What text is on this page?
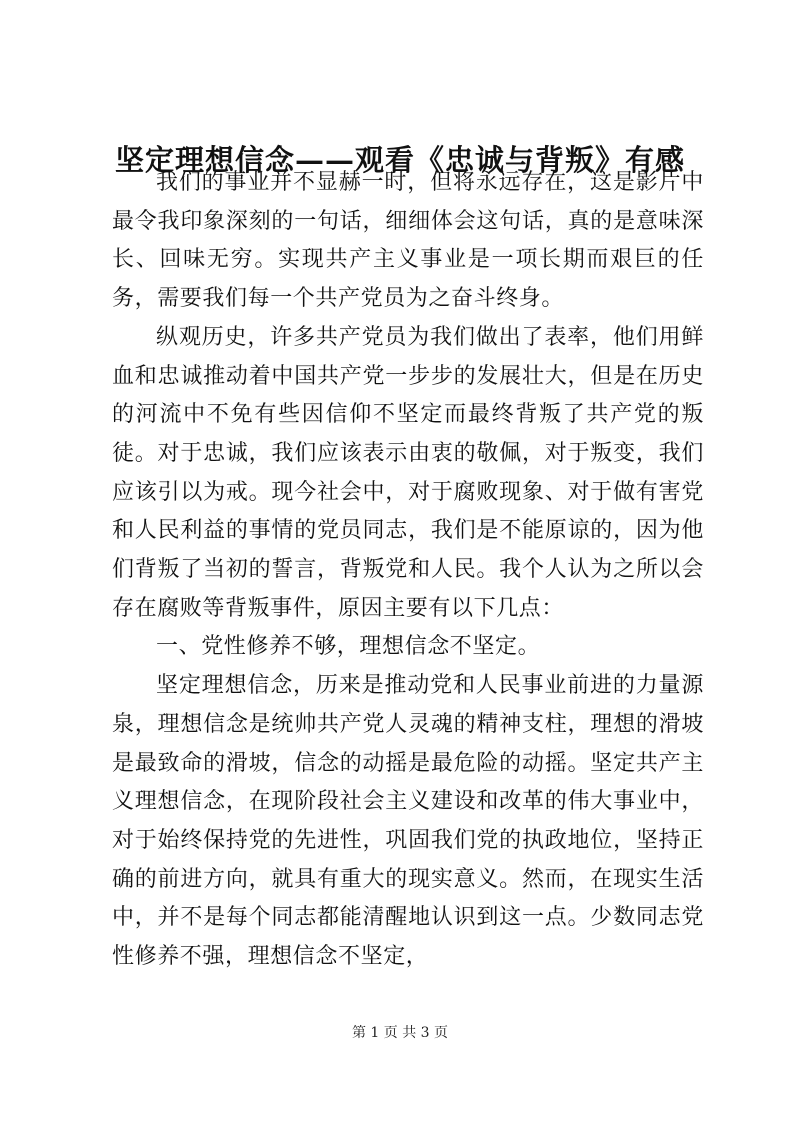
坚定理想信念——观看《忠诚与背叛》有感

我们的事业并不显赫一时，但将永远存在，这是影片中最令我印象深刻的一句话，细细体会这句话，真的是意味深长、回味无穷。实现共产主义事业是一项长期而艰巨的任务，需要我们每一个共产党员为之奋斗终身。

纵观历史，许多共产党员为我们做出了表率，他们用鲜血和忠诚推动着中国共产党一步步的发展壮大，但是在历史的河流中不免有些因信仰不坚定而最终背叛了共产党的叛徒。对于忠诚，我们应该表示由衷的敬佩，对于叛变，我们应该引以为戒。现今社会中，对于腐败现象、对于做有害党和人民利益的事情的党员同志，我们是不能原谅的，因为他们背叛了当初的誓言，背叛党和人民。我个人认为之所以会存在腐败等背叛事件，原因主要有以下几点：

一、党性修养不够，理想信念不坚定。

坚定理想信念，历来是推动党和人民事业前进的力量源泉，理想信念是统帅共产党人灵魂的精神支柱，理想的滑坡是最致命的滑坡，信念的动摇是最危险的动摇。坚定共产主义理想信念，在现阶段社会主义建设和改革的伟大事业中，对于始终保持党的先进性，巩固我们党的执政地位，坚持正确的前进方向，就具有重大的现实意义。然而，在现实生活中，并不是每个同志都能清醒地认识到这一点。少数同志党性修养不强，理想信念不坚定，

第 1 页 共 3 页
